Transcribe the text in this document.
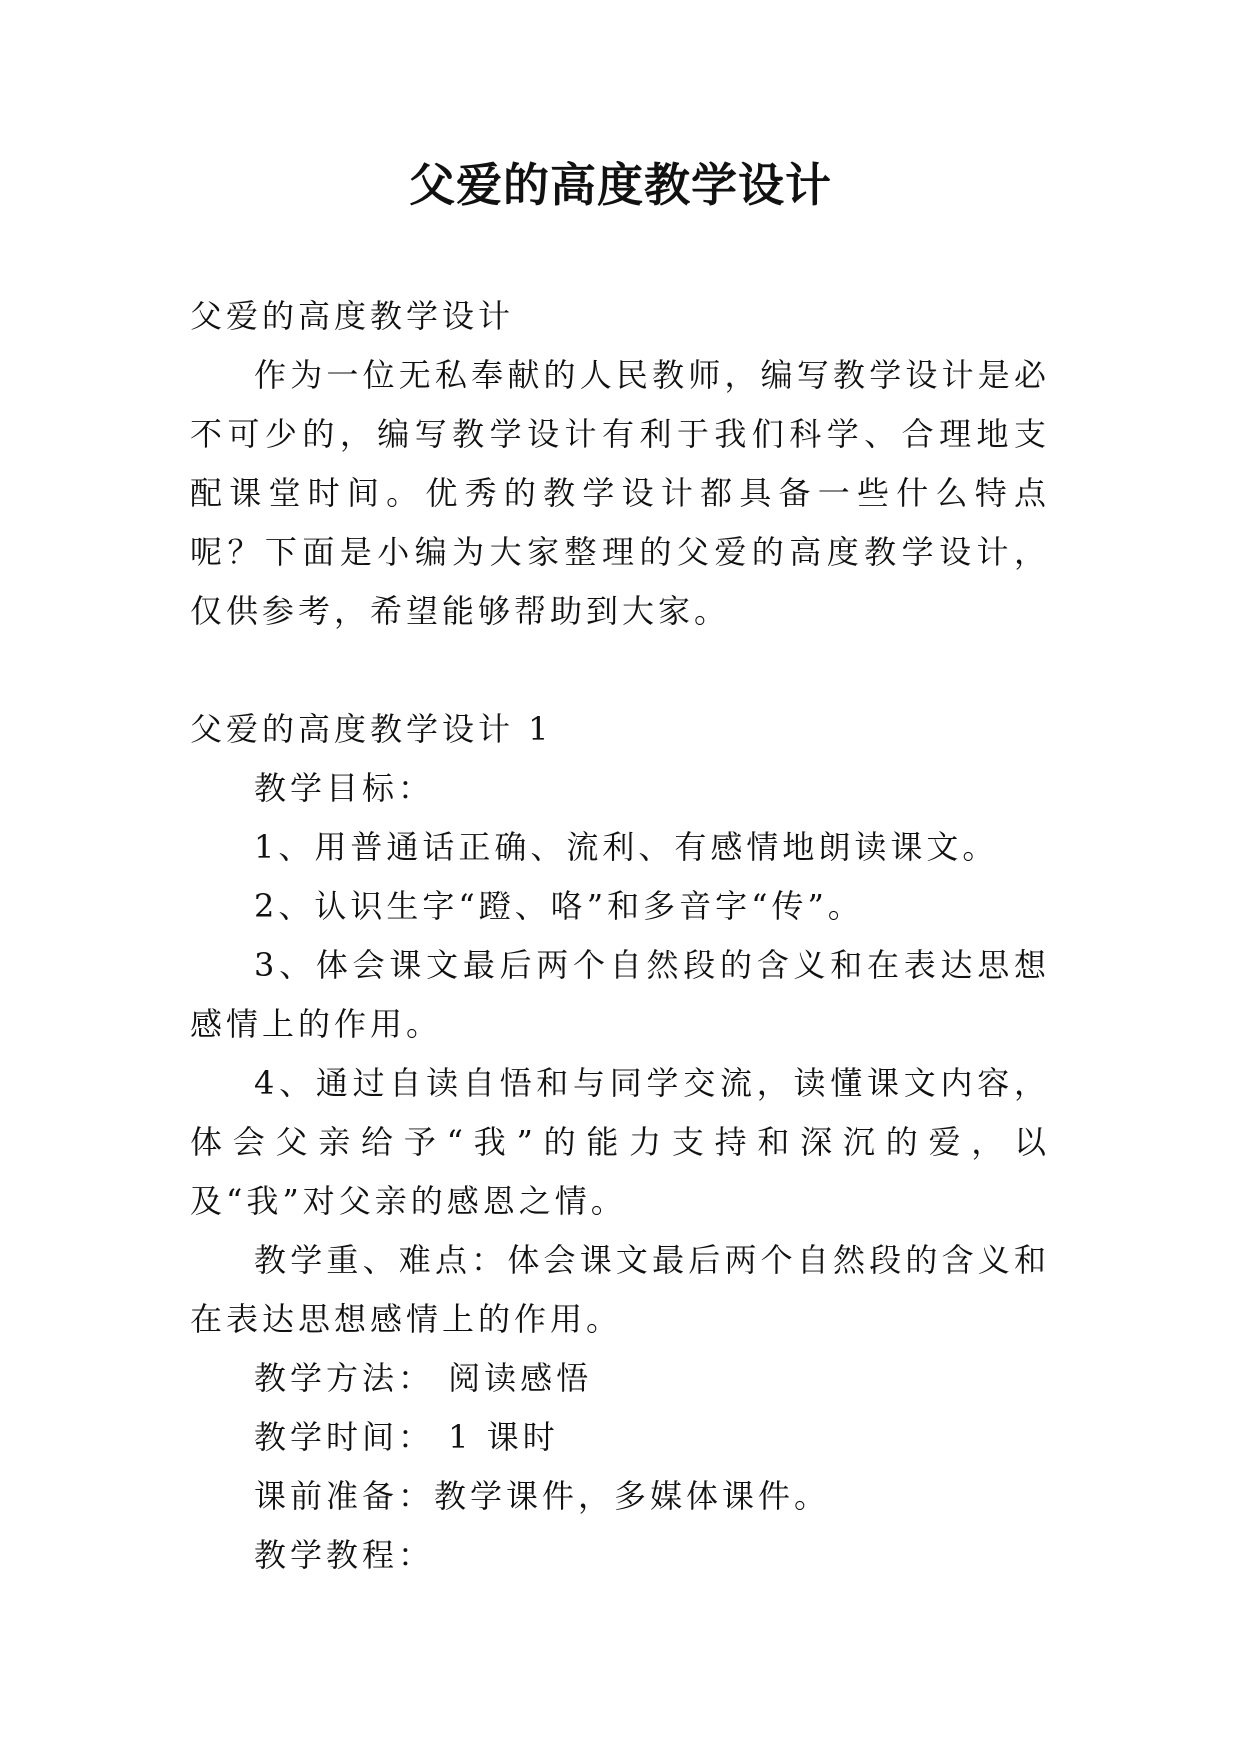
父爱的高度教学设计

父爱的高度教学设计

作为一位无私奉献的人民教师，编写教学设计是必不可少的，编写教学设计有利于我们科学、合理地支配课堂时间。优秀的教学设计都具备一些什么特点呢？下面是小编为大家整理的父爱的高度教学设计，仅供参考，希望能够帮助到大家。

父爱的高度教学设计 1

教学目标：

1、用普通话正确、流利、有感情地朗读课文。

2、认识生字“蹬、咯”和多音字“传”。

3、体会课文最后两个自然段的含义和在表达思想感情上的作用。

4、通过自读自悟和与同学交流，读懂课文内容，体会父亲给予“我”的能力支持和深沉的爱，以及“我”对父亲的感恩之情。

教学重、难点：体会课文最后两个自然段的含义和在表达思想感情上的作用。

教学方法： 阅读感悟

教学时间： 1 课时

课前准备：教学课件，多媒体课件。

教学教程：
